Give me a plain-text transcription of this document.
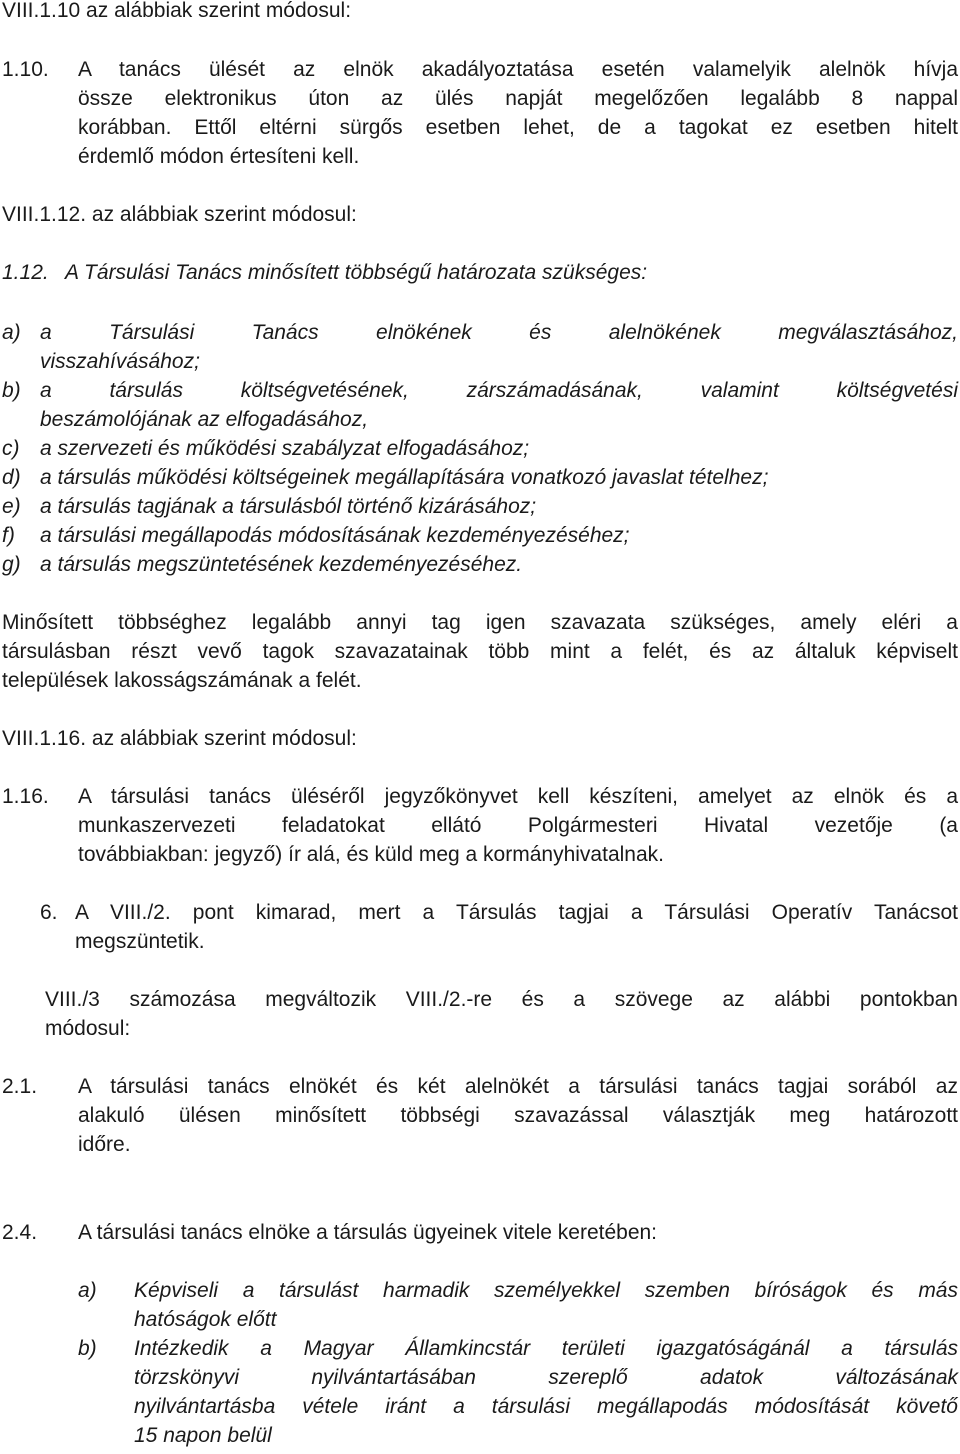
VIII.1.10 az alábbiak szerint módosul:
1.10. A tanács ülését az elnök akadályoztatása esetén valamelyik alelnök hívja
össze elektronikus úton az ülés napját megelőzően legalább 8 nappal
korábban. Ettől eltérni sürgős esetben lehet, de a tagokat ez esetben hitelt
érdemlő módon értesíteni kell.
VIII.1.12. az alábbiak szerint módosul:
1.12. A Társulási Tanács minősített többségű határozata szükséges:
a) a Társulási Tanács elnökének és alelnökének megválasztásához,
visszahívásához;
b) a társulás költségvetésének, zárszámadásának, valamint költségvetési
beszámolójának az elfogadásához,
c) a szervezeti és működési szabályzat elfogadásához;
d) a társulás működési költségeinek megállapítására vonatkozó javaslat tételhez;
e) a társulás tagjának a társulásból történő kizárásához;
f) a társulási megállapodás módosításának kezdeményezéséhez;
g) a társulás megszüntetésének kezdeményezéséhez.
Minősített többséghez legalább annyi tag igen szavazata szükséges, amely eléri a
társulásban részt vevő tagok szavazatainak több mint a felét, és az általuk képviselt
települések lakosságszámának a felét.
VIII.1.16. az alábbiak szerint módosul:
1.16. A társulási tanács üléséről jegyzőkönyvet kell készíteni, amelyet az elnök és a
munkaszervezeti feladatokat ellátó Polgármesteri Hivatal vezetője (a
továbbiakban: jegyző) ír alá, és küld meg a kormányhivatalnak.
6. A VIII./2. pont kimarad, mert a Társulás tagjai a Társulási Operatív Tanácsot
megszüntetik.
VIII./3 számozása megváltozik VIII./2.-re és a szövege az alábbi pontokban
módosul:
2.1. A társulási tanács elnökét és két alelnökét a társulási tanács tagjai sorából az
alakuló ülésen minősített többségi szavazással választják meg határozott
időre.
2.4. A társulási tanács elnöke a társulás ügyeinek vitele keretében:
a) Képviseli a társulást harmadik személyekkel szemben bíróságok és más
hatóságok előtt
b) Intézkedik a Magyar Államkincstár területi igazgatóságánál a társulás
törzskönyvi nyilvántartásában szereplő adatok változásának
nyilvántartásba vétele iránt a társulási megállapodás módosítását követő
15 napon belül
